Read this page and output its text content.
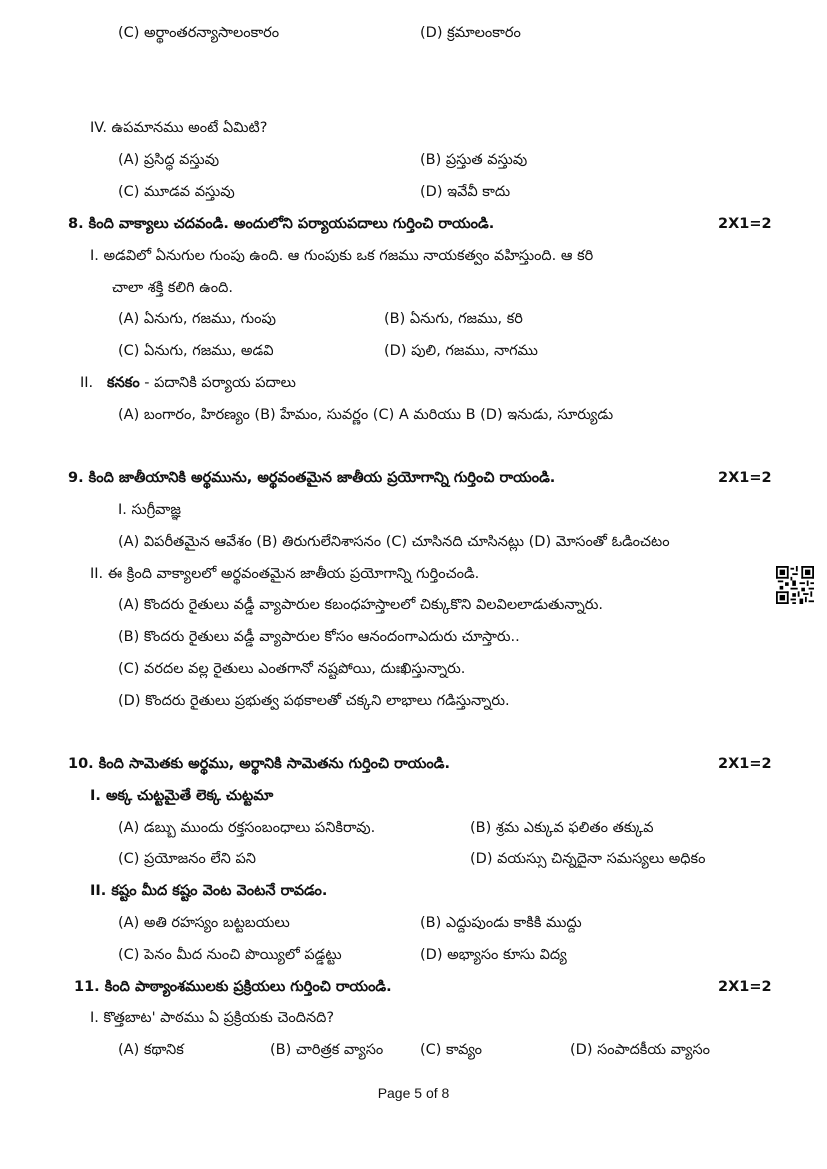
(C) అర్థాంతరన్యాసాలంకారం	(D) క్రమాలంకారం
IV. ఉపమానము అంటే ఏమిటి?
(A) ప్రసిద్ధ వస్తువు	(B) ప్రస్తుత వస్తువు
(C) మూడవ వస్తువు	(D) ఇవేవీ కాదు
8. కింది వాక్యాలు చదవండి. అందులోని పర్యాయపదాలు గుర్తించి రాయండి.	2X1=2
I. అడవిలో ఏనుగుల గుంపు ఉంది. ఆ గుంపుకు ఒక గజము నాయకత్వం వహిస్తుంది. ఆ కరి
చాలా శక్తి కలిగి ఉంది.
(A) ఏనుగు, గజము, గుంపు	(B) ఏనుగు, గజము, కరి
(C) ఏనుగు, గజము, అడవి	(D) పులి, గజము, నాగము
II. కనకం - పదానికి పర్యాయ పదాలు
(A) బంగారం, హిరణ్యం (B) హేమం, సువర్ణం (C) A మరియు B (D) ఇనుడు, సూర్యుడు
9. కింది జాతీయానికి అర్థమును, అర్థవంతమైన జాతీయ ప్రయోగాన్ని గుర్తించి రాయండి.	2X1=2
I. సుగ్రీవాజ్ఞ
(A) విపరీతమైన ఆవేశం (B) తిరుగులేనిశాసనం (C) చూసినది చూసినట్లు (D) మోసంతో ఓడించటం
II. ఈ క్రింది వాక్యాలలో అర్థవంతమైన జాతీయ ప్రయోగాన్ని గుర్తించండి.
(A) కొందరు రైతులు వడ్డీ వ్యాపారుల కబంధహస్తాలలో చిక్కుకొని విలవిలలాడుతున్నారు.
(B) కొందరు రైతులు వడ్డీ వ్యాపారుల కోసం ఆనందంగాఎదురు చూస్తారు..
(C) వరదల వల్ల రైతులు ఎంతగానో నష్టపోయి, దుఃఖిస్తున్నారు.
(D) కొందరు రైతులు ప్రభుత్వ పథకాలతో చక్కని లాభాలు గడిస్తున్నారు.
10. కింది సామెతకు అర్థము, అర్థానికి సామెతను గుర్తించి రాయండి.	2X1=2
I. అక్క చుట్టమైతే లెక్క చుట్టమా
(A) డబ్బు ముందు రక్తసంబంధాలు పనికిరావు.	(B) శ్రమ ఎక్కువ ఫలితం తక్కువ
(C) ప్రయోజనం లేని పని	(D) వయస్సు చిన్నదైనా సమస్యలు అధికం
II. కష్టం మీద కష్టం వెంట వెంటనే రావడం.
(A) అతి రహస్యం బట్టబయలు	(B) ఎద్దుపుండు కాకికి ముద్దు
(C) పెనం మీద నుంచి పొయ్యిలో పడ్డట్టు	(D) అభ్యాసం కూసు విద్య
11. కింది పాఠ్యాంశములకు ప్రక్రియలు గుర్తించి రాయండి.	2X1=2
I. కొత్తబాట' పాఠము ఏ ప్రక్రియకు చెందినది?
(A) కథానిక	(B) చారిత్రక వ్యాసం	(C) కావ్యం	(D) సంపాదకీయ వ్యాసం
Page 5 of 8
